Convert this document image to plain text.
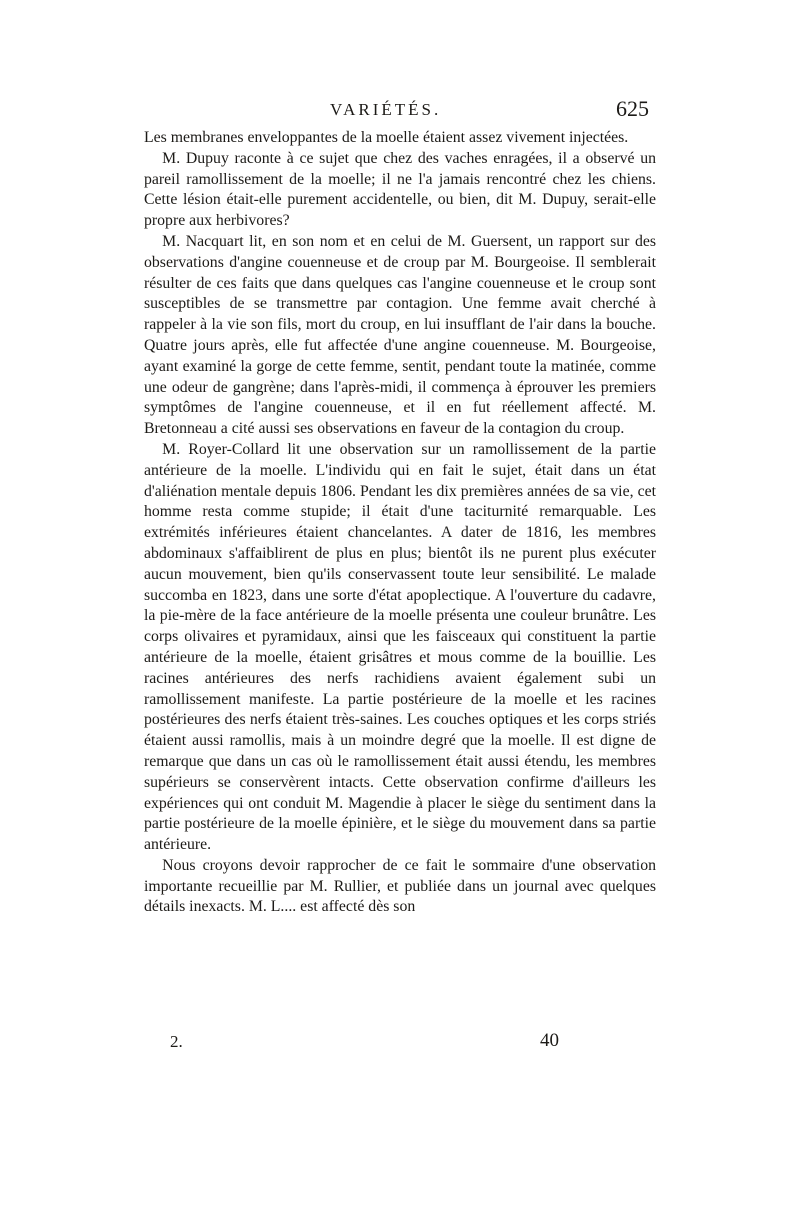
VARIÉTÉS.	625

Les membranes enveloppantes de la moelle étaient assez vivement injectées.

M. Dupuy raconte à ce sujet que chez des vaches enragées, il a observé un pareil ramollissement de la moelle; il ne l'a jamais rencontré chez les chiens. Cette lésion était-elle purement accidentelle, ou bien, dit M. Dupuy, serait-elle propre aux herbivores?

M. Nacquart lit, en son nom et en celui de M. Guersent, un rapport sur des observations d'angine couenneuse et de croup par M. Bourgeoise. Il semblerait résulter de ces faits que dans quelques cas l'angine couenneuse et le croup sont susceptibles de se transmettre par contagion. Une femme avait cherché à rappeler à la vie son fils, mort du croup, en lui insufflant de l'air dans la bouche. Quatre jours après, elle fut affectée d'une angine couenneuse. M. Bourgeoise, ayant examiné la gorge de cette femme, sentit, pendant toute la matinée, comme une odeur de gangrène; dans l'après-midi, il commença à éprouver les premiers symptômes de l'angine couenneuse, et il en fut réellement affecté. M. Bretonneau a cité aussi ses observations en faveur de la contagion du croup.

M. Royer-Collard lit une observation sur un ramollissement de la partie antérieure de la moelle. L'individu qui en fait le sujet, était dans un état d'aliénation mentale depuis 1806. Pendant les dix premières années de sa vie, cet homme resta comme stupide; il était d'une taciturnité remarquable. Les extrémités inférieures étaient chancelantes. A dater de 1816, les membres abdominaux s'affaiblirent de plus en plus; bientôt ils ne purent plus exécuter aucun mouvement, bien qu'ils conservassent toute leur sensibilité. Le malade succomba en 1823, dans une sorte d'état apoplectique. A l'ouverture du cadavre, la pie-mère de la face antérieure de la moelle présenta une couleur brunâtre. Les corps olivaires et pyramidaux, ainsi que les faisceaux qui constituent la partie antérieure de la moelle, étaient grisâtres et mous comme de la bouillie. Les racines antérieures des nerfs rachidiens avaient également subi un ramollissement manifeste. La partie postérieure de la moelle et les racines postérieures des nerfs étaient très-saines. Les couches optiques et les corps striés étaient aussi ramollis, mais à un moindre degré que la moelle. Il est digne de remarque que dans un cas où le ramollissement était aussi étendu, les membres supérieurs se conservèrent intacts. Cette observation confirme d'ailleurs les expériences qui ont conduit M. Magendie à placer le siège du sentiment dans la partie postérieure de la moelle épinière, et le siège du mouvement dans sa partie antérieure.

Nous croyons devoir rapprocher de ce fait le sommaire d'une observation importante recueillie par M. Rullier, et publiée dans un journal avec quelques détails inexacts. M. L.... est affecté dès son

2.	40
